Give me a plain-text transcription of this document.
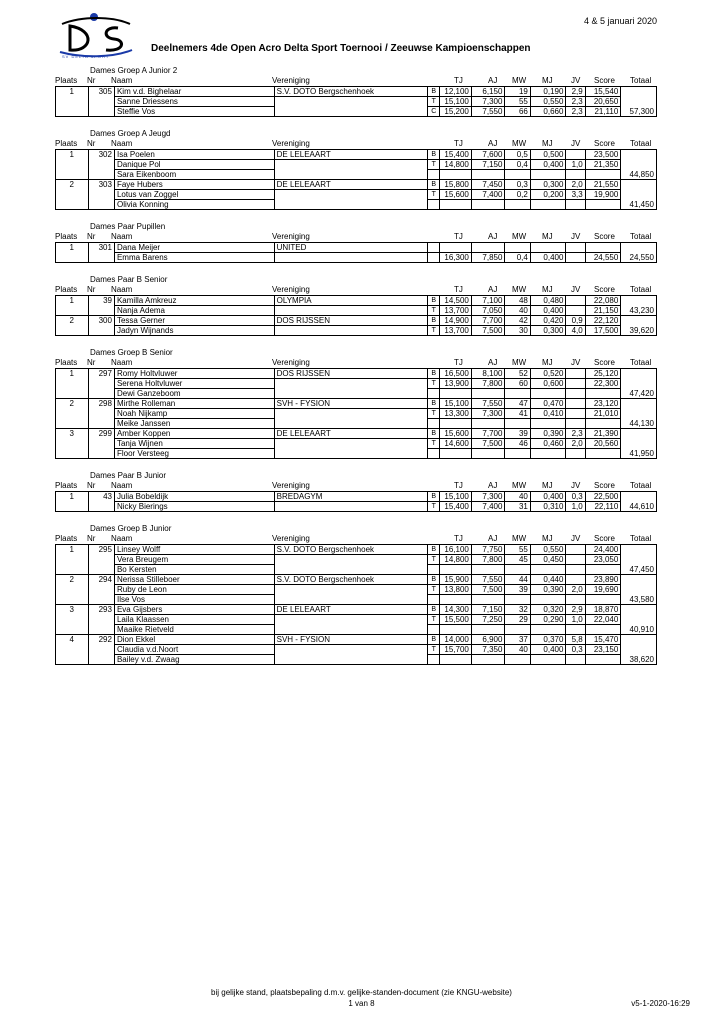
SV DELTA SPORT
4 & 5 januari 2020
Deelnemers 4de Open Acro Delta Sport Toernooi / Zeeuwse Kampioenschappen
Dames Groep A Junior 2
Plaats Nr Naam	Vereniging	TJ	AJ MW MJ JV Score Totaal
1	305	Kim v.d. Bighelaar	S.V. DOTO Bergschenhoek	B	12,100	6,150	19	0,190	2,9	15,540	
		Sanne Driessens		T	15,100	7,300	55	0,550	2,3	20,650	
		Steffie Vos		C	15,200	7,550	66	0,660	2,3	21,110	57,300
Dames Groep A Jeugd
Plaats Nr Naam	Vereniging	TJ	AJ MW MJ JV Score Totaal
1	302	Isa Poelen	DE LELEAART	B	15,400	7,600	0,5	0,500		23,500	
		Danique Pol		T	14,800	7,150	0,4	0,400	1,0	21,350	
		Sara Eikenboom									44,850
2	303	Faye Hubers	DE LELEAART	B	15,800	7,450	0,3	0,300	2,0	21,550	
		Lotus van Zoggel		T	15,600	7,400	0,2	0,200	3,3	19,900	
		Olivia Konning									41,450
Dames Paar Pupillen
Plaats Nr Naam	Vereniging	TJ	AJ MW MJ JV Score Totaal
1	301	Dana Meijer	UNITED								
		Emma Barens			16,300	7,850	0,4	0,400		24,550	24,550
Dames Paar B Senior
Plaats Nr Naam	Vereniging	TJ	AJ MW MJ JV Score Totaal
1	39	Kamilla Amkreuz	OLYMPIA	B	14,500	7,100	48	0,480		22,080	
		Nanja Adema		T	13,700	7,050	40	0,400		21,150	43,230
2	300	Tessa Gerner	DOS RIJSSEN	B	14,900	7,700	42	0,420	0,9	22,120	
		Jadyn Wijnands		T	13,700	7,500	30	0,300	4,0	17,500	39,620
Dames Groep B Senior
Plaats Nr Naam	Vereniging	TJ	AJ MW MJ JV Score Totaal
1	297	Romy Holtvluwer	DOS RIJSSEN	B	16,500	8,100	52	0,520		25,120	
		Serena Holtvluwer		T	13,900	7,800	60	0,600		22,300	
		Dewi Ganzeboom									47,420
2	298	Mirthe Rolleman	SVH - FYSION	B	15,100	7,550	47	0,470		23,120	
		Noah Nijkamp		T	13,300	7,300	41	0,410		21,010	
		Meike Janssen									44,130
3	299	Amber Koppen	DE LELEAART	B	15,600	7,700	39	0,390	2,3	21,390	
		Tanja Wijnen		T	14,600	7,500	46	0,460	2,0	20,560	
		Floor Versteeg									41,950
Dames Paar B Junior
Plaats Nr Naam	Vereniging	TJ	AJ MW MJ JV Score Totaal
1	43	Julia Bobeldijk	BREDAGYM	B	15,100	7,300	40	0,400	0,3	22,500	
		Nicky Bierings		T	15,400	7,400	31	0,310	1,0	22,110	44,610
Dames Groep B Junior
Plaats Nr Naam	Vereniging	TJ	AJ MW MJ JV Score Totaal
1	295	Linsey Wolff	S.V. DOTO Bergschenhoek	B	16,100	7,750	55	0,550		24,400	
		Vera Breugem		T	14,800	7,800	45	0,450		23,050	
		Bo Kersten									47,450
2	294	Nerissa Stilleboer	S.V. DOTO Bergschenhoek	B	15,900	7,550	44	0,440		23,890	
		Ruby de Leon		T	13,800	7,500	39	0,390	2,0	19,690	
		Ilse Vos									43,580
3	293	Eva Gijsbers	DE LELEAART	B	14,300	7,150	32	0,320	2,9	18,870	
		Laila Klaassen		T	15,500	7,250	29	0,290	1,0	22,040	
		Maaike Rietveld									40,910
4	292	Dion Ekkel	SVH - FYSION	B	14,000	6,900	37	0,370	5,8	15,470	
		Claudia v.d.Noort		T	15,700	7,350	40	0,400	0,3	23,150	
		Bailey v.d. Zwaag									38,620
bij gelijke stand, plaatsbepaling d.m.v. gelijke-standen-document (zie KNGU-website)
1 van 8	v5-1-2020-16:29
